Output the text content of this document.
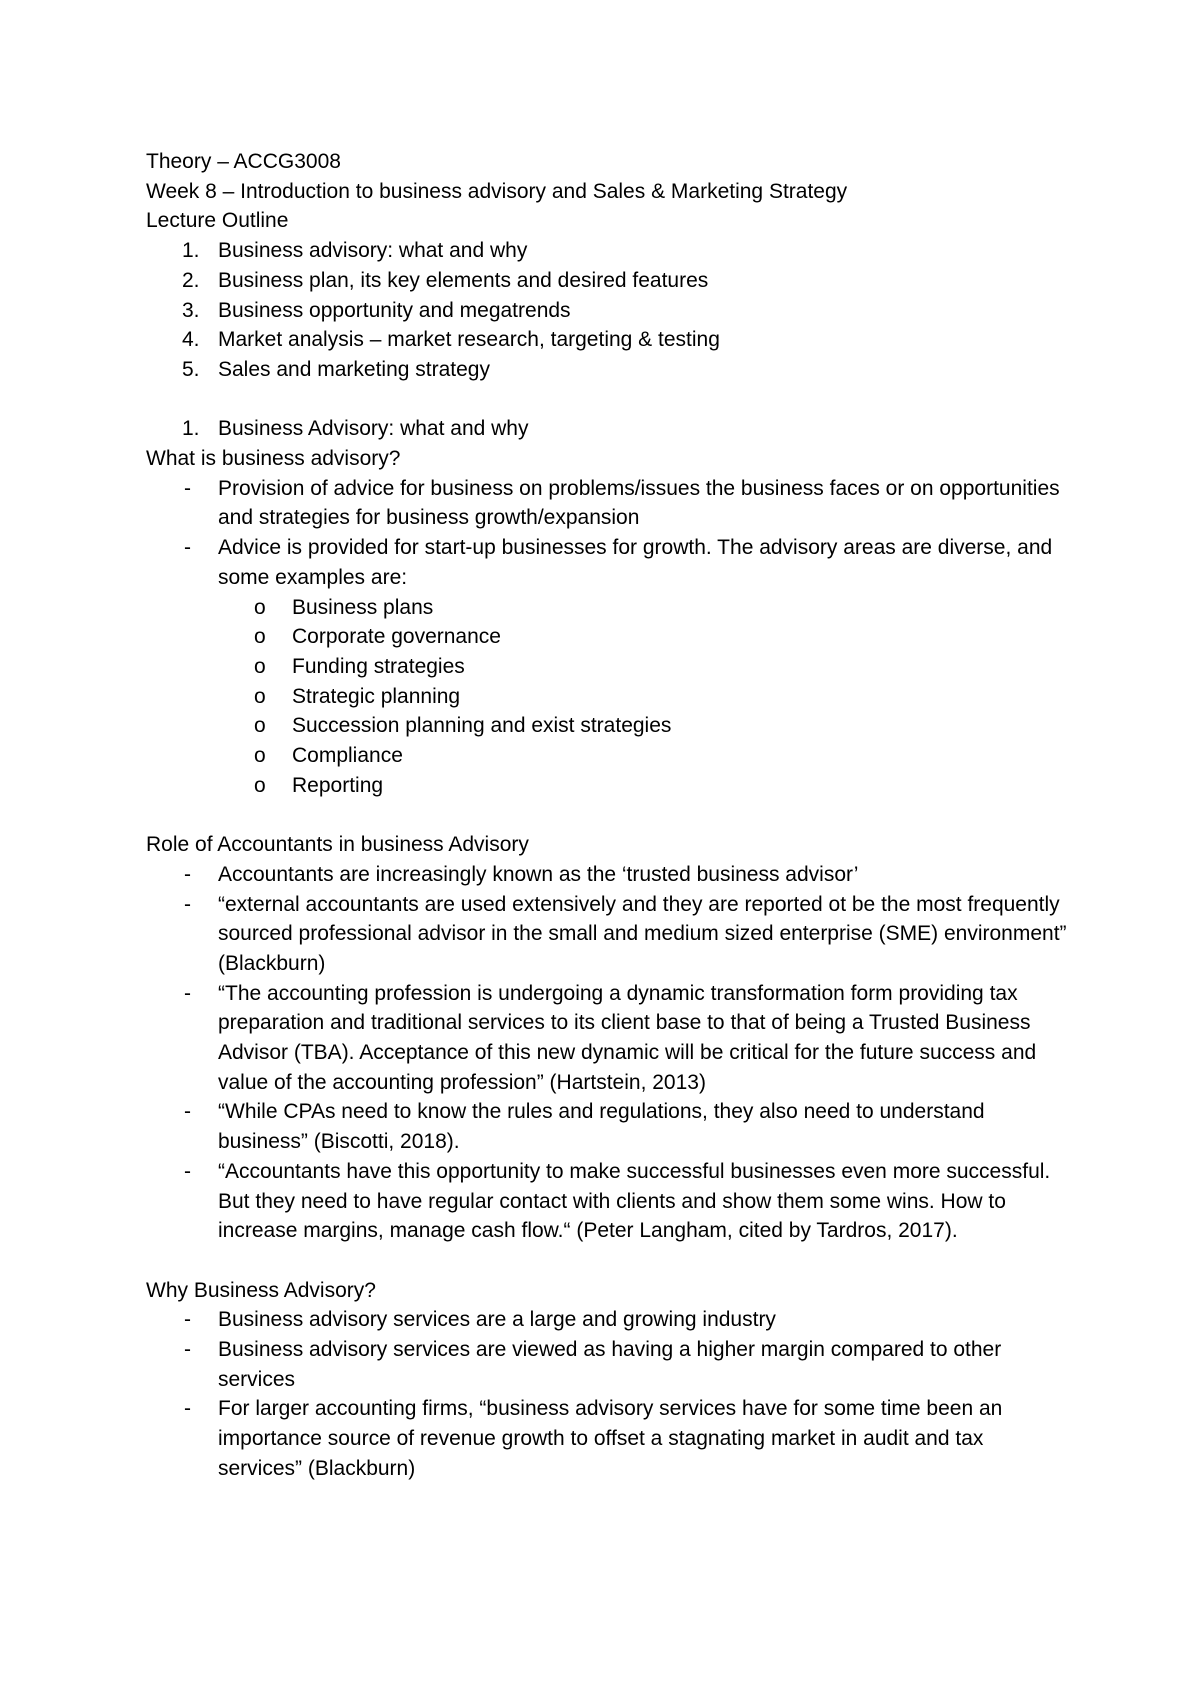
Theory – ACCG3008

Week 8 – Introduction to business advisory and Sales & Marketing Strategy

Lecture Outline

1. Business advisory: what and why
2. Business plan, its key elements and desired features
3. Business opportunity and megatrends
4. Market analysis – market research, targeting & testing
5. Sales and marketing strategy
1. Business Advisory: what and why

What is business advisory?

- Provision of advice for business on problems/issues the business faces or on opportunities and strategies for business growth/expansion
- Advice is provided for start-up businesses for growth. The advisory areas are diverse, and some examples are:
o Business plans
o Corporate governance
o Funding strategies
o Strategic planning
o Succession planning and exist strategies
o Compliance
o Reporting

Role of Accountants in business Advisory

- Accountants are increasingly known as the ‘trusted business advisor’
- “external accountants are used extensively and they are reported ot be the most frequently sourced professional advisor in the small and medium sized enterprise (SME) environment” (Blackburn)
- “The accounting profession is undergoing a dynamic transformation form providing tax preparation and traditional services to its client base to that of being a Trusted Business Advisor (TBA). Acceptance of this new dynamic will be critical for the future success and value of the accounting profession” (Hartstein, 2013)
- “While CPAs need to know the rules and regulations, they also need to understand business” (Biscotti, 2018).
- “Accountants have this opportunity to make successful businesses even more successful. But they need to have regular contact with clients and show them some wins. How to increase margins, manage cash flow.“ (Peter Langham, cited by Tardros, 2017).

Why Business Advisory?

- Business advisory services are a large and growing industry
- Business advisory services are viewed as having a higher margin compared to other services
- For larger accounting firms, “business advisory services have for some time been an importance source of revenue growth to offset a stagnating market in audit and tax services” (Blackburn)
